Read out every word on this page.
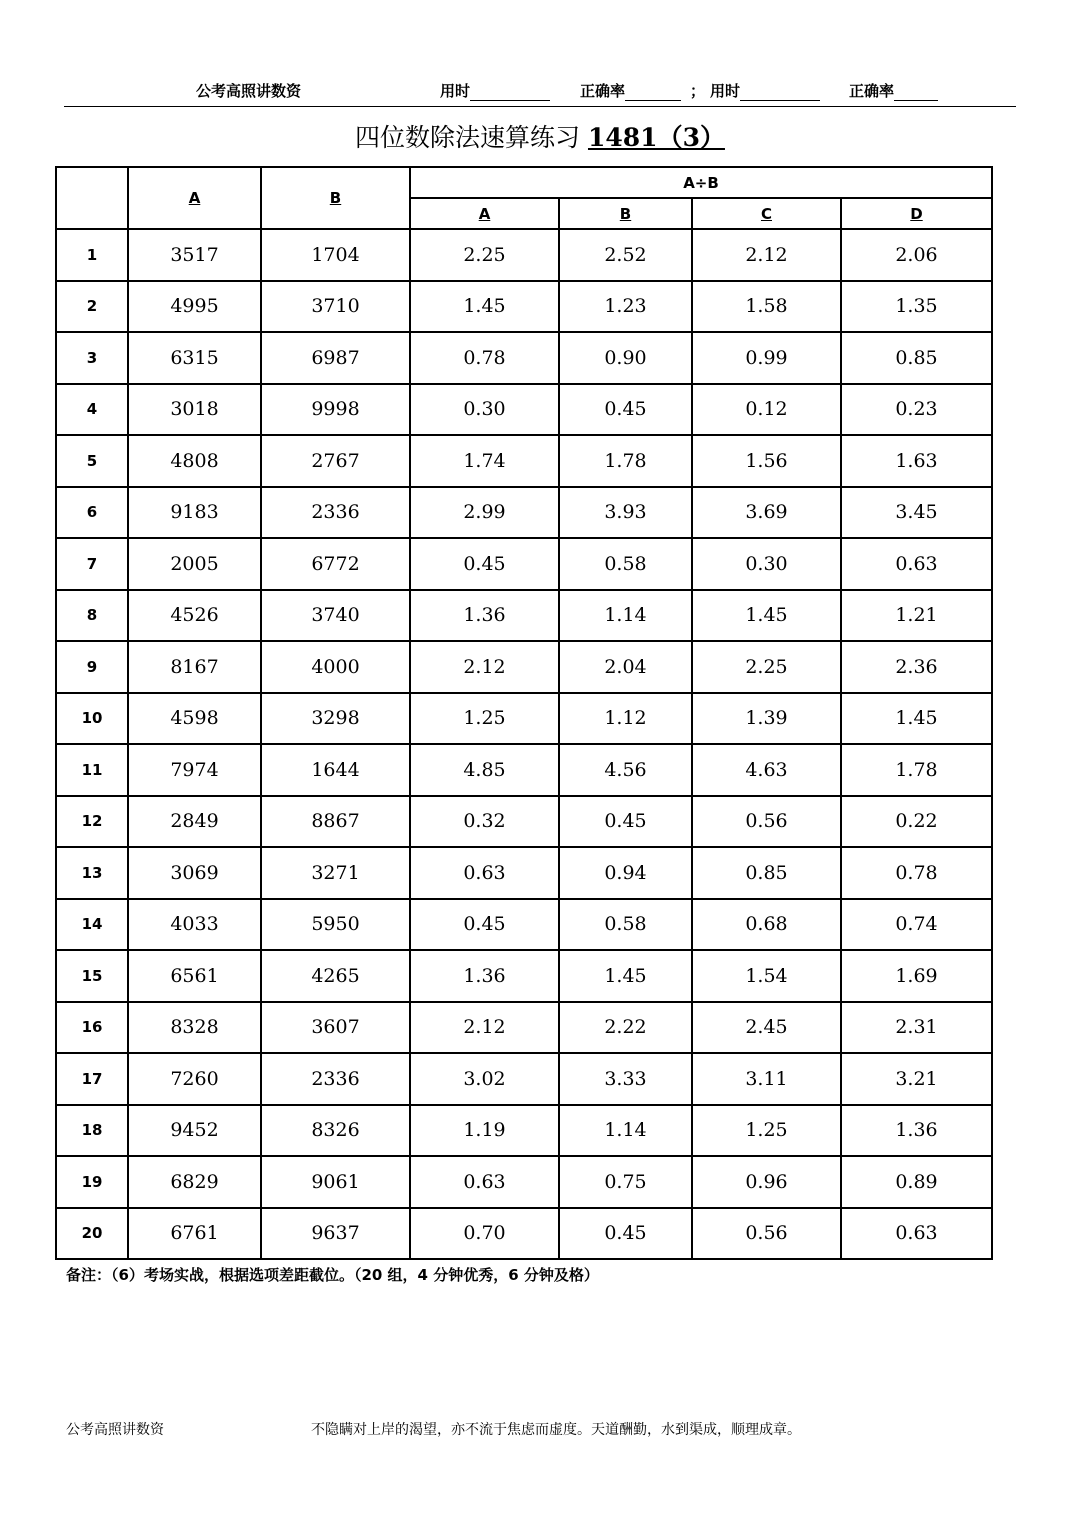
公考高照讲数资	用时	正确率	； 用时	正确率
四位数除法速算练习 1481（3）
	A	B	A÷B			
			A	B	C	D
1	3517	1704	2.25	2.52	2.12	2.06
2	4995	3710	1.45	1.23	1.58	1.35
3	6315	6987	0.78	0.90	0.99	0.85
4	3018	9998	0.30	0.45	0.12	0.23
5	4808	2767	1.74	1.78	1.56	1.63
6	9183	2336	2.99	3.93	3.69	3.45
7	2005	6772	0.45	0.58	0.30	0.63
8	4526	3740	1.36	1.14	1.45	1.21
9	8167	4000	2.12	2.04	2.25	2.36
10	4598	3298	1.25	1.12	1.39	1.45
11	7974	1644	4.85	4.56	4.63	1.78
12	2849	8867	0.32	0.45	0.56	0.22
13	3069	3271	0.63	0.94	0.85	0.78
14	4033	5950	0.45	0.58	0.68	0.74
15	6561	4265	1.36	1.45	1.54	1.69
16	8328	3607	2.12	2.22	2.45	2.31
17	7260	2336	3.02	3.33	3.11	3.21
18	9452	8326	1.19	1.14	1.25	1.36
19	6829	9061	0.63	0.75	0.96	0.89
20	6761	9637	0.70	0.45	0.56	0.63
备注：（6）考场实战，根据选项差距截位。（20 组，4 分钟优秀，6 分钟及格）
公考高照讲数资	不隐瞒对上岸的渴望，亦不流于焦虑而虚度。天道酬勤，水到渠成，顺理成章。
